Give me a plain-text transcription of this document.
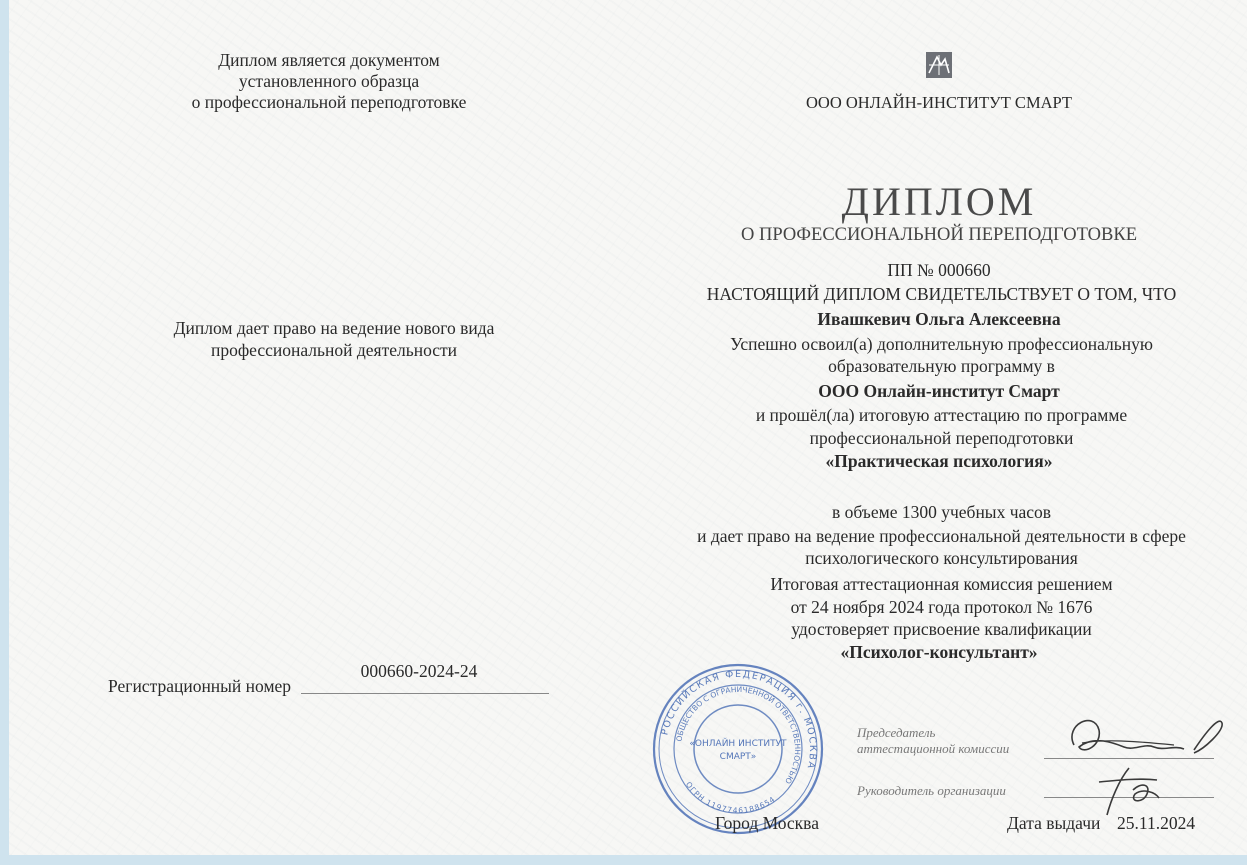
Диплом является документом
установленного образца
о профессиональной переподготовке
Диплом дает право на ведение нового вида
профессиональной деятельности
Регистрационный номер
000660-2024-24
ООО ОНЛАЙН-ИНСТИТУТ СМАРТ
ДИПЛОМ
О ПРОФЕССИОНАЛЬНОЙ ПЕРЕПОДГОТОВКЕ
ПП № 000660
НАСТОЯЩИЙ ДИПЛОМ СВИДЕТЕЛЬСТВУЕТ О ТОМ, ЧТО
Ивашкевич Ольга Алексеевна
Успешно освоил(а) дополнительную профессиональную
образовательную программу в
ООО Онлайн-институт Смарт
и прошёл(ла) итоговую аттестацию по программе
профессиональной переподготовки
«Практическая психология»
в объеме 1300 учебных часов
и дает право на ведение профессиональной деятельности в сфере
психологического консультирования
Итоговая аттестационная комиссия решением
от 24 ноября 2024 года протокол № 1676
удостоверяет присвоение квалификации
«Психолог-консультант»
РОССИЙСКАЯ ФЕДЕРАЦИЯ г. МОСКВА
ОБЩЕСТВО С ОГРАНИЧЕННОЙ ОТВЕТСТВЕННОСТЬЮ
ОГРН 1197746188654
«ОНЛАЙН ИНСТИТУТ
СМАРТ»
Председатель
аттестационной комиссии
Руководитель организации
Город Москва	Дата выдачи 25.11.2024
